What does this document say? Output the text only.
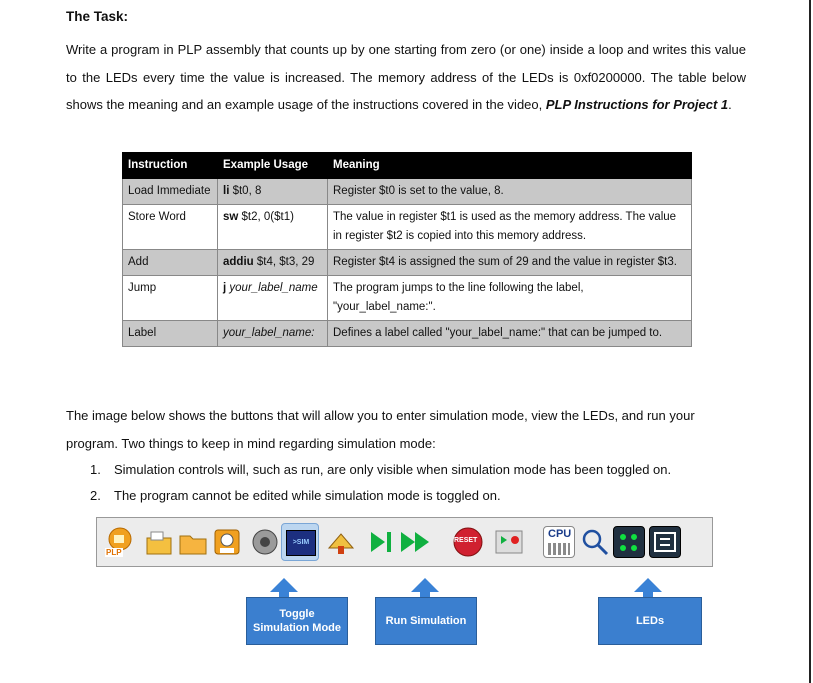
The Task:
Write a program in PLP assembly that counts up by one starting from zero (or one) inside a loop and writes this value to the LEDs every time the value is increased. The memory address of the LEDs is 0xf0200000. The table below shows the meaning and an example usage of the instructions covered in the video, PLP Instructions for Project 1.
Instruction	Example Usage	Meaning
Load Immediate	li $t0, 8	Register $t0 is set to the value, 8.
Store Word	sw $t2, 0($t1)	The value in register $t1 is used as the memory address. The value in register $t2 is copied into this memory address.
Add	addiu $t4, $t3, 29	Register $t4 is assigned the sum of 29 and the value in register $t3.
Jump	j your_label_name	The program jumps to the line following the label, "your_label_name:".
Label	your_label_name:	Defines a label called "your_label_name:" that can be jumped to.
The image below shows the buttons that will allow you to enter simulation mode, view the LEDs, and run your program. Two things to keep in mind regarding simulation mode:
1. Simulation controls will, such as run, are only visible when simulation mode has been toggled on.
2. The program cannot be edited while simulation mode is toggled on.
PLP
>SIM	RESET
CPU
Toggle
Simulation Mode
Run Simulation	LEDs
